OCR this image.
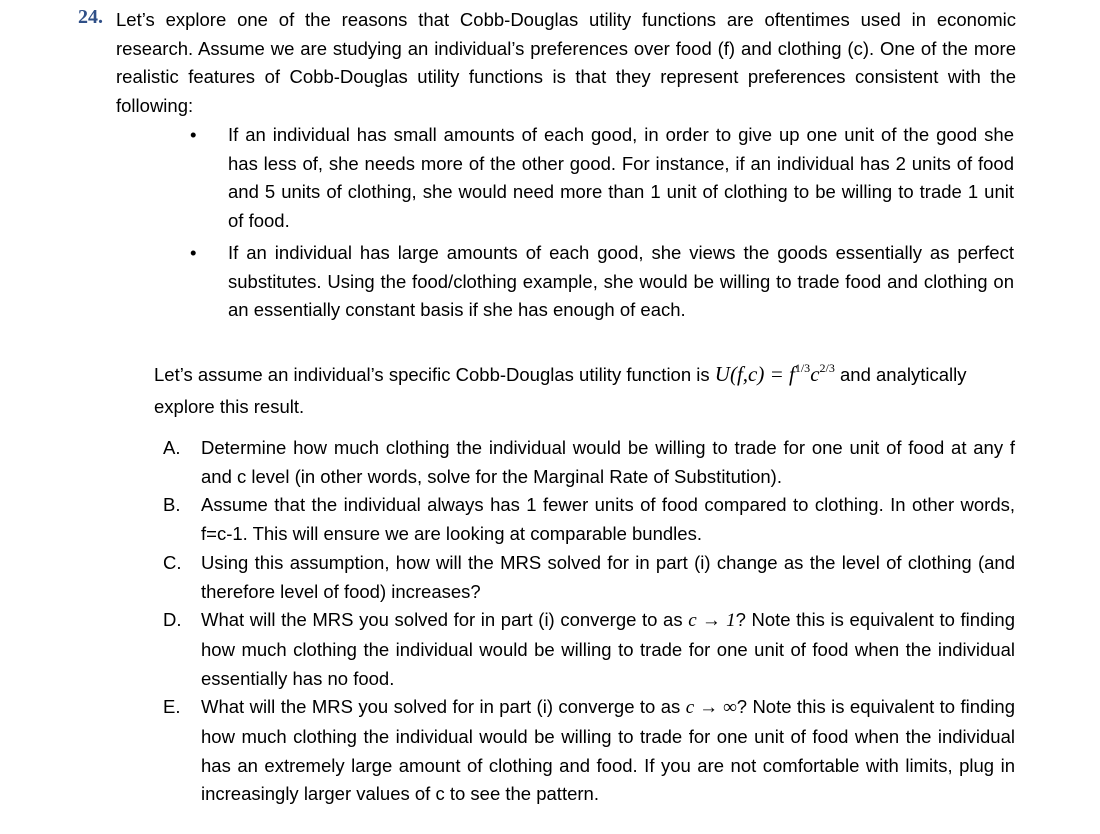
24. Let’s explore one of the reasons that Cobb-Douglas utility functions are oftentimes used in economic research. Assume we are studying an individual’s preferences over food (f) and clothing (c). One of the more realistic features of Cobb-Douglas utility functions is that they represent preferences consistent with the following:

• If an individual has small amounts of each good, in order to give up one unit of the good she has less of, she needs more of the other good. For instance, if an individual has 2 units of food and 5 units of clothing, she would need more than 1 unit of clothing to be willing to trade 1 unit of food.
• If an individual has large amounts of each good, she views the goods essentially as perfect substitutes. Using the food/clothing example, she would be willing to trade food and clothing on an essentially constant basis if she has enough of each.
Let’s assume an individual’s specific Cobb-Douglas utility function is $U(f,c) = f^{1/3}c^{2/3}$ and analytically explore this result.
A. Determine how much clothing the individual would be willing to trade for one unit of food at any f and c level (in other words, solve for the Marginal Rate of Substitution).
B. Assume that the individual always has 1 fewer units of food compared to clothing. In other words, f=c-1. This will ensure we are looking at comparable bundles.
C. Using this assumption, how will the MRS solved for in part (i) change as the level of clothing (and therefore level of food) increases?
D. What will the MRS you solved for in part (i) converge to as c → 1? Note this is equivalent to finding how much clothing the individual would be willing to trade for one unit of food when the individual essentially has no food.
E. What will the MRS you solved for in part (i) converge to as c → ∞? Note this is equivalent to finding how much clothing the individual would be willing to trade for one unit of food when the individual has an extremely large amount of clothing and food. If you are not comfortable with limits, plug in increasingly larger values of c to see the pattern.
